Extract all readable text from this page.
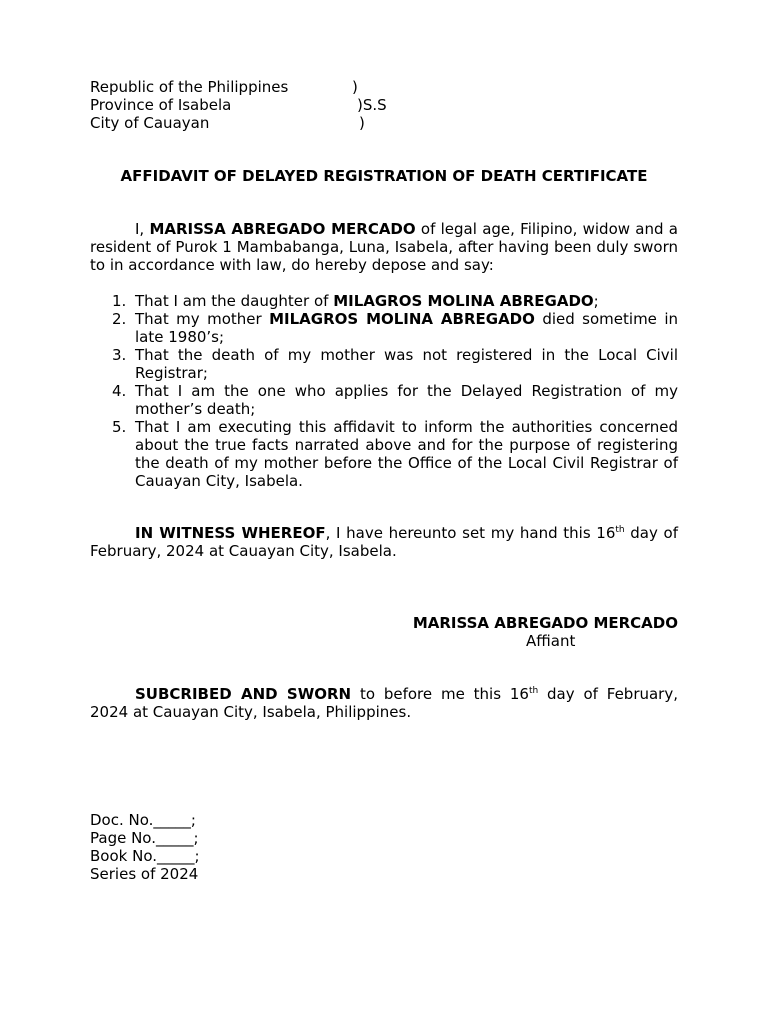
Republic of the Philippines	)
Province of Isabela	)S.S
City of Cauayan	)
AFFIDAVIT OF DELAYED REGISTRATION OF DEATH CERTIFICATE

I, MARISSA ABREGADO MERCADO of legal age, Filipino, widow and a resident of Purok 1 Mambabanga, Luna, Isabela, after having been duly sworn to in accordance with law, do hereby depose and say:

1. That I am the daughter of MILAGROS MOLINA ABREGADO;
2. That my mother MILAGROS MOLINA ABREGADO died sometime in late 1980’s;
3. That the death of my mother was not registered in the Local Civil Registrar;
4. That I am the one who applies for the Delayed Registration of my mother’s death;
5. That I am executing this affidavit to inform the authorities concerned about the true facts narrated above and for the purpose of registering the death of my mother before the Office of the Local Civil Registrar of Cauayan City, Isabela.

IN WITNESS WHEREOF, I have hereunto set my hand this 16th day of February, 2024 at Cauayan City, Isabela.

MARISSA ABREGADO MERCADO
Affiant

SUBCRIBED AND SWORN to before me this 16th day of February, 2024 at Cauayan City, Isabela, Philippines.

Doc. No._____;
Page No._____;
Book No._____;
Series of 2024
